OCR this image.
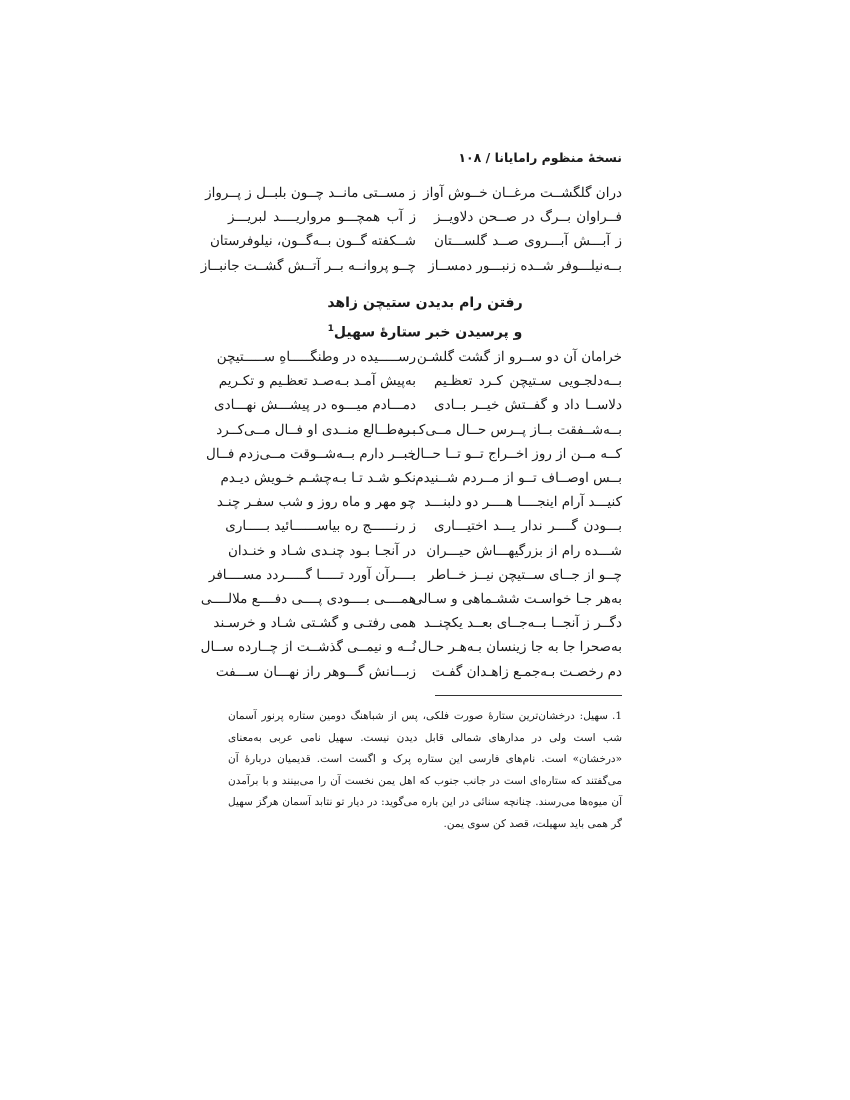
نسخهٔ منظوم رامایانا / ۱۰۸
دران گلگشــت مرغــان خــوش آواز
ز مســتی مانــد چــون بلبــل ز پــرواز
فــراوان بــرگ در صــحن دلاویــز
ز آب همچـــو مرواریــــد لبریـــز
ز آبـــش آبـــروی صــد گلســـتان
شــکفته گــون بــه‌گــون، نیلوفرستان
بــه‌نیلـــوفر شــده زنبـــور دمســاز
چــو پروانــه بــر آتــش گشــت جانبــاز
رفتن رام بدیدن ستیچن زاهد
و پرسیدن خبر ستارهٔ سهیل$^1$
خرامان آن دو ســرو از گشت گلشـن
رســـــیده در وطنگـــــاهِ ســـــتیچن
بــه‌دلجـویی سـتیچن کـرد تعظـیم
به‌پیش آمـد بـه‌صـد تعظـیم و تکـریم
دلاســا داد و گفــتش خیــر بــادی
دمـــادم میـــوه در پیشـــش نهـــادی
بــه‌شــفقت بــاز پــرس حــال مــی‌کــرد
بــه‌طــالع منــدی او فــال مــی‌کــرد
کــه مــن از روز اخــراج تــو تــا حــال
خبــر دارم بــه‌شــوقت مــی‌زدم فــال
بــس اوصــاف تــو از مــردم شــنیدم
نکـو شـد تـا بـه‌چشـم خـویش دیـدم
کنیـــد آرام اینجــــا هــــر دو دلبنـــد
چو مهر و ماه روز و شب سفـر چنـد
بـــودن گــــر ندار یـــد اختیـــاری
ز رنــــــج ره بیاســــــائید بـــــاری
شـــده رام از بزرگیهـــاش حیـــران
در آنجـا بـود چنـدی شـاد و خنـدان
چــو از جــای ســتیچن نیــز خــاطر
بــــرآن آورد تـــــا گـــــردد مســــافر
به‌هر جـا خواسـت ششـماهی و سـالی
همــــی بــــودی پــــی دفــــع ملالــــی
دگــر ز آنجــا بــه‌جــای بعــد یکچنــد
همی رفتـی و گشـتی شـاد و خرسـند
به‌صحرا جا به جا زینسان بـه‌هـر حـال
نُــه و نیمــی گذشــت از چــارده ســال
دم رخصـت بـه‌جمـع زاهـدان گفـت
زبـــانش گـــوهر راز نهـــان ســـفت
1.سهیل: درخشان‌ترین ستارهٔ صورت فلکی، پس از شباهنگ دومین ستاره پرنور آسمان شب است ولی در مدارهای شمالی قابل دیدن نیست. سهیل نامی عربی به‌معنای «درخشان» است. نام‌های فارسی این ستاره پرک و اگست است. قدیمیان دربارهٔ آن می‌گفتند که ستاره‌ای است در جانب جنوب که اهل یمن نخست آن را می‌بینند و با برآمدن آن میوه‌ها می‌رسند. چنانچه سنائی در این باره می‌گوید: در دیار تو نتابد آسمان هرگز سهیل گر همی باید سهیلت، قصد کن سوی یمن.
